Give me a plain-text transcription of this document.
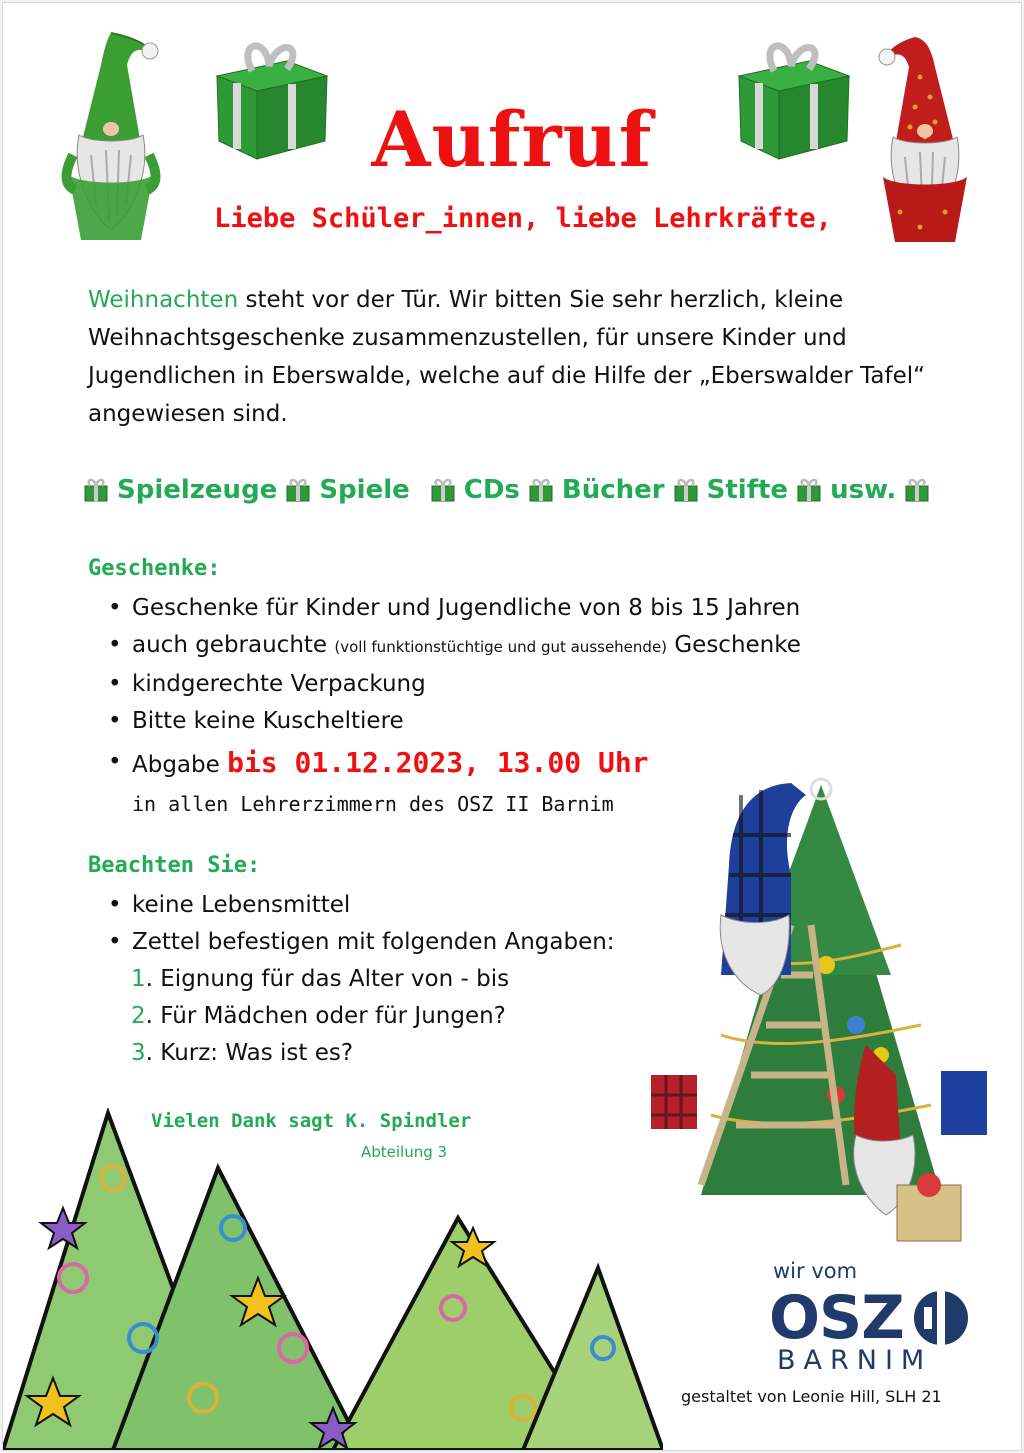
Aufruf
Liebe Schüler_innen, liebe Lehrkräfte,
Weihnachten steht vor der Tür. Wir bitten Sie sehr herzlich, kleine Weihnachtsgeschenke zusammenzustellen, für unsere Kinder und Jugendlichen in Eberswalde, welche auf die Hilfe der „Eberswalder Tafel“ angewiesen sind.
Spielzeuge Spiele CDs Bücher Stifte usw.
Geschenke:
• Geschenke für Kinder und Jugendliche von 8 bis 15 Jahren
• auch gebrauchte (voll funktionstüchtige und gut aussehende) Geschenke
• kindgerechte Verpackung
• Bitte keine Kuscheltiere
• Abgabe bis 01.12.2023, 13.00 Uhr
in allen Lehrerzimmern des OSZ II Barnim
Beachten Sie:
• keine Lebensmittel
• Zettel befestigen mit folgenden Angaben:
1. Eignung für das Alter von - bis
2. Für Mädchen oder für Jungen?
3. Kurz: Was ist es?
Vielen Dank sagt K. Spindler
Abteilung 3
wir vom
OSZ
BARNIM
gestaltet von Leonie Hill, SLH 21
